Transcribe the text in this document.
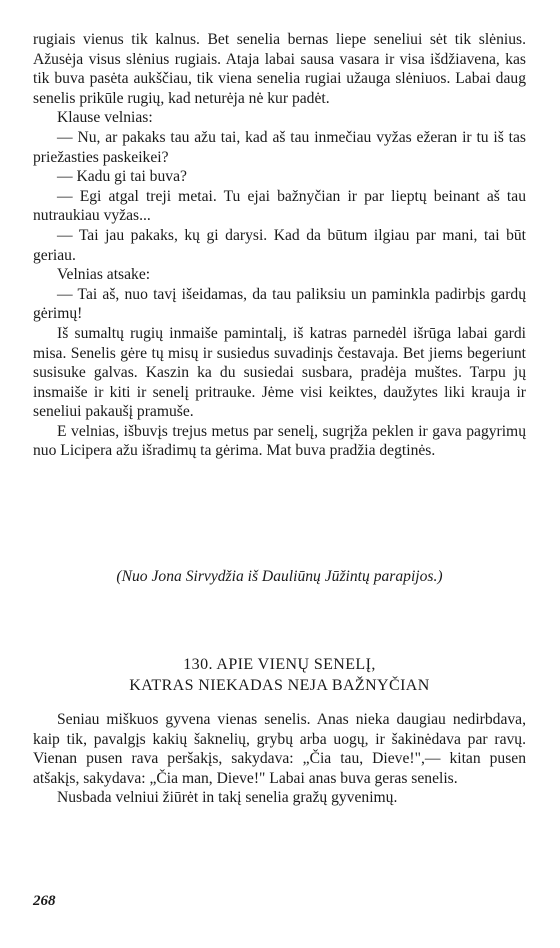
rugiais vienus tik kalnus. Bet senelia bernas liepe seneliui sėt tik slėnius. Ažusėja visus slėnius rugiais. Ataja labai sausa vasara ir visa išdžiavena, kas tik buva pasėta aukščiau, tik viena senelia rugiai užauga slėniuos. Labai daug senelis prikūle rugių, kad neturėja nė kur padėt.

Klause velnias:

— Nu, ar pakaks tau ažu tai, kad aš tau inmečiau vyžas ežeran ir tu iš tas priežasties paskeikei?

— Kadu gi tai buva?

— Egi atgal treji metai. Tu ejai bažnyčian ir par lieptų beinant aš tau nutraukiau vyžas...

— Tai jau pakaks, kų gi darysi. Kad da būtum ilgiau par mani, tai būt geriau.

Velnias atsake:

— Tai aš, nuo tavį išeidamas, da tau paliksiu un paminkla padirbįs gardų gėrimų!

Iš sumaltų rugių inmaiše pamintalį, iš katras parnedėl išrūga labai gardi misa. Senelis gėre tų misų ir susiedus suvadinįs čestavaja. Bet jiems begeriunt susisuke galvas. Kaszin ka du susiedai susbara, pradėja muštes. Tarpu jų insmaiše ir kiti ir senelį pritrauke. Jėme visi keiktes, daužytes liki krauja ir seneliui pakaušį pramuše.

E velnias, išbuvįs trejus metus par senelį, sugrįža peklen ir gava pagyrimų nuo Licipera ažu išradimų ta gėrima. Mat buva pradžia degtinės.

(Nuo Jona Sirvydžia iš Dauliūnų Jūžintų parapijos.)
130. APIE VIENŲ SENELĮ,
KATRAS NIEKADAS NEJA BAŽNYČIAN

Seniau miškuos gyvena vienas senelis. Anas nieka daugiau nedirbdava, kaip tik, pavalgįs kakių šaknelių, grybų arba uogų, ir šakinėdava par ravų. Vienan pusen rava peršakįs, sakydava: „Čia tau, Dieve!",— kitan pusen atšakįs, sakydava: „Čia man, Dieve!" Labai anas buva geras senelis.

Nusbada velniui žiūrėt in takį senelia gražų gyvenimų.

268
